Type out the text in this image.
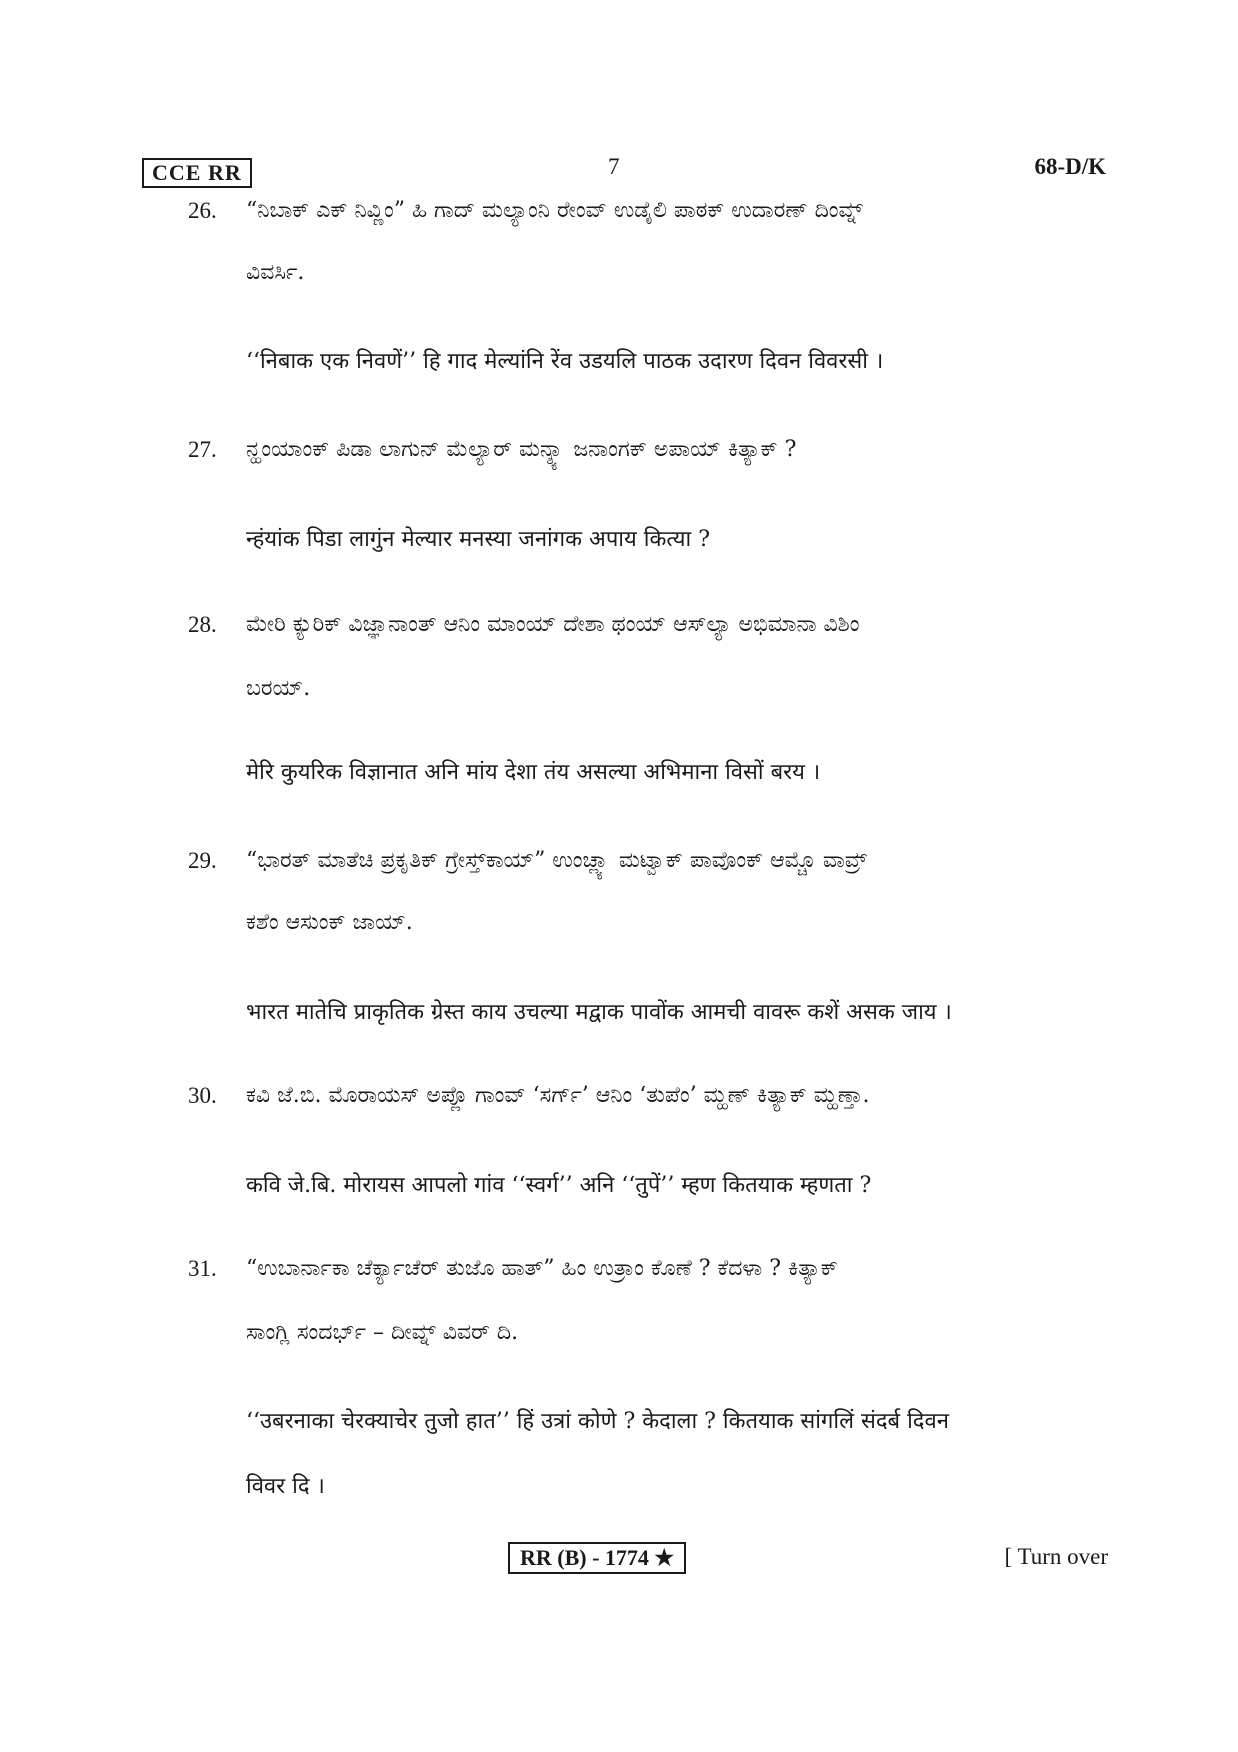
CCE RR	7	68-D/K
26. “ನಿಬಾಕ್ ಎಕ್ ನಿವ್ಣಿಂ” ಹಿ ಗಾದ್ ಮಲ್ಯಾಂನಿ ರೇಂವ್ ಉಡೈಲಿ ಪಾಠಕ್ ಉದಾರಣ್ ದಿಂವ್ನ್
ವಿವರ್ಸಿ.
‘‘निबाक एक निवणें’’ हि गाद मेल्यांनि रेंव उडयलि पाठक उदारण दिवन विवरसी ।
27. ನ್ಹಂಯಾಂಕ್ ಪಿಡಾ ಲಾಗುನ್ ಮೆಲ್ಯಾರ್ ಮನ್ಶ್ಯಾ ಜನಾಂಗಕ್ ಅಪಾಯ್ ಕಿತ್ಯಾಕ್ ?
न्हंयांक पिडा लागुंन मेल्यार मनस्या जनांगक अपाय कित्या ?
28. ಮೇರಿ ಕ್ಯುರಿಕ್ ವಿಜ್ಞಾನಾಂತ್ ಆನಿಂ ಮಾಂಯ್ ದೇಶಾ ಥಂಯ್ ಆಸ್‌ಲ್ಯಾ ಅಭಿಮಾನಾ ವಿಶಿಂ
ಬರಯ್.
मेरि कुयरिक विज्ञानात अनि मांय देशा तंय असल्या अभिमाना विसों बरय ।
29. “ಭಾರತ್ ಮಾತೆಚಿ ಪ್ರಕೃತಿಕ್ ಗ್ರೇಸ್ತ್‌ಕಾಯ್” ಉಂಚ್ಲ್ಯಾ ಮಟ್ವಾಕ್ ಪಾವೊಂಕ್ ಆಮ್ಚೊ ವಾವ್ರ್
ಕಶೆಂ ಆಸುಂಕ್ ಜಾಯ್.
भारत मातेचि प्राकृतिक ग्रेस्त काय उचल्या मद्वाक पावोंक आमची वावरू कशें असक जाय ।
30. ಕವಿ ಜೆ.ಬಿ. ಮೊರಾಯಸ್ ಅಪ್ಲೊ ಗಾಂವ್ ‘ಸರ್ಗ್’ ಆನಿಂ ‘ತುಪೆಂ’ ಮ್ಹಣ್ ಕಿತ್ಯಾಕ್ ಮ್ಹಣ್ತಾ.
कवि जे.बि. मोरायस आपलो गांव ‘‘स्वर्ग’’ अनि ‘‘तुपें’’ म्हण कितयाक म्हणता ?
31. “ಉಬಾರ್ನಾಕಾ ಚೆರ್ಕ್ಯಾಚೆರ್ ತುಜೊ ಹಾತ್” ಹಿಂ ಉತ್ರಾಂ ಕೊಣೆ ? ಕೆದಳಾ ? ಕಿತ್ಯಾಕ್
ಸಾಂಗ್ಲಿ ಸಂದರ್ಭ್ – ದೀವ್ನ್ ವಿವರ್ ದಿ.
‘‘उबरनाका चेरक्याचेर तुजो हात’’ हिं उत्रां कोणे ? केदाला ? कितयाक सांगलिं संदर्ब दिवन
विवर दि ।
RR (B) - 1774 ★	[ Turn over
